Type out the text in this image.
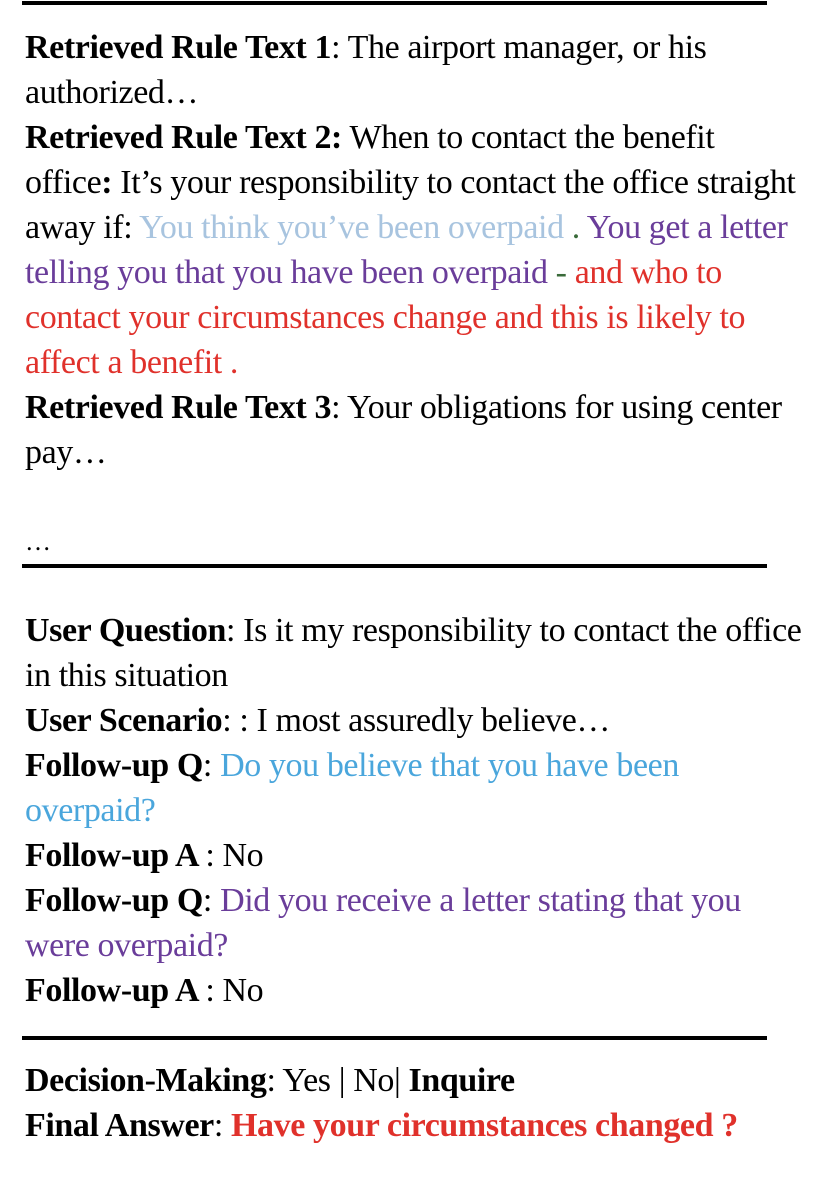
Retrieved Rule Text 1: The airport manager, or his authorized…

Retrieved Rule Text 2: When to contact the benefit office: It’s your responsibility to contact the office straight away if: You think you’ve been overpaid . You get a letter telling you that you have been overpaid - and who to contact your circumstances change and this is likely to affect a benefit .

Retrieved Rule Text 3: Your obligations for using center pay…

…

User Question: Is it my responsibility to contact the office in this situation

User Scenario: : I most assuredly believe…

Follow-up Q: Do you believe that you have been overpaid?

Follow-up A : No

Follow-up Q: Did you receive a letter stating that you were overpaid?

Follow-up A : No

Decision-Making: Yes | No| Inquire

Final Answer: Have your circumstances changed ?
